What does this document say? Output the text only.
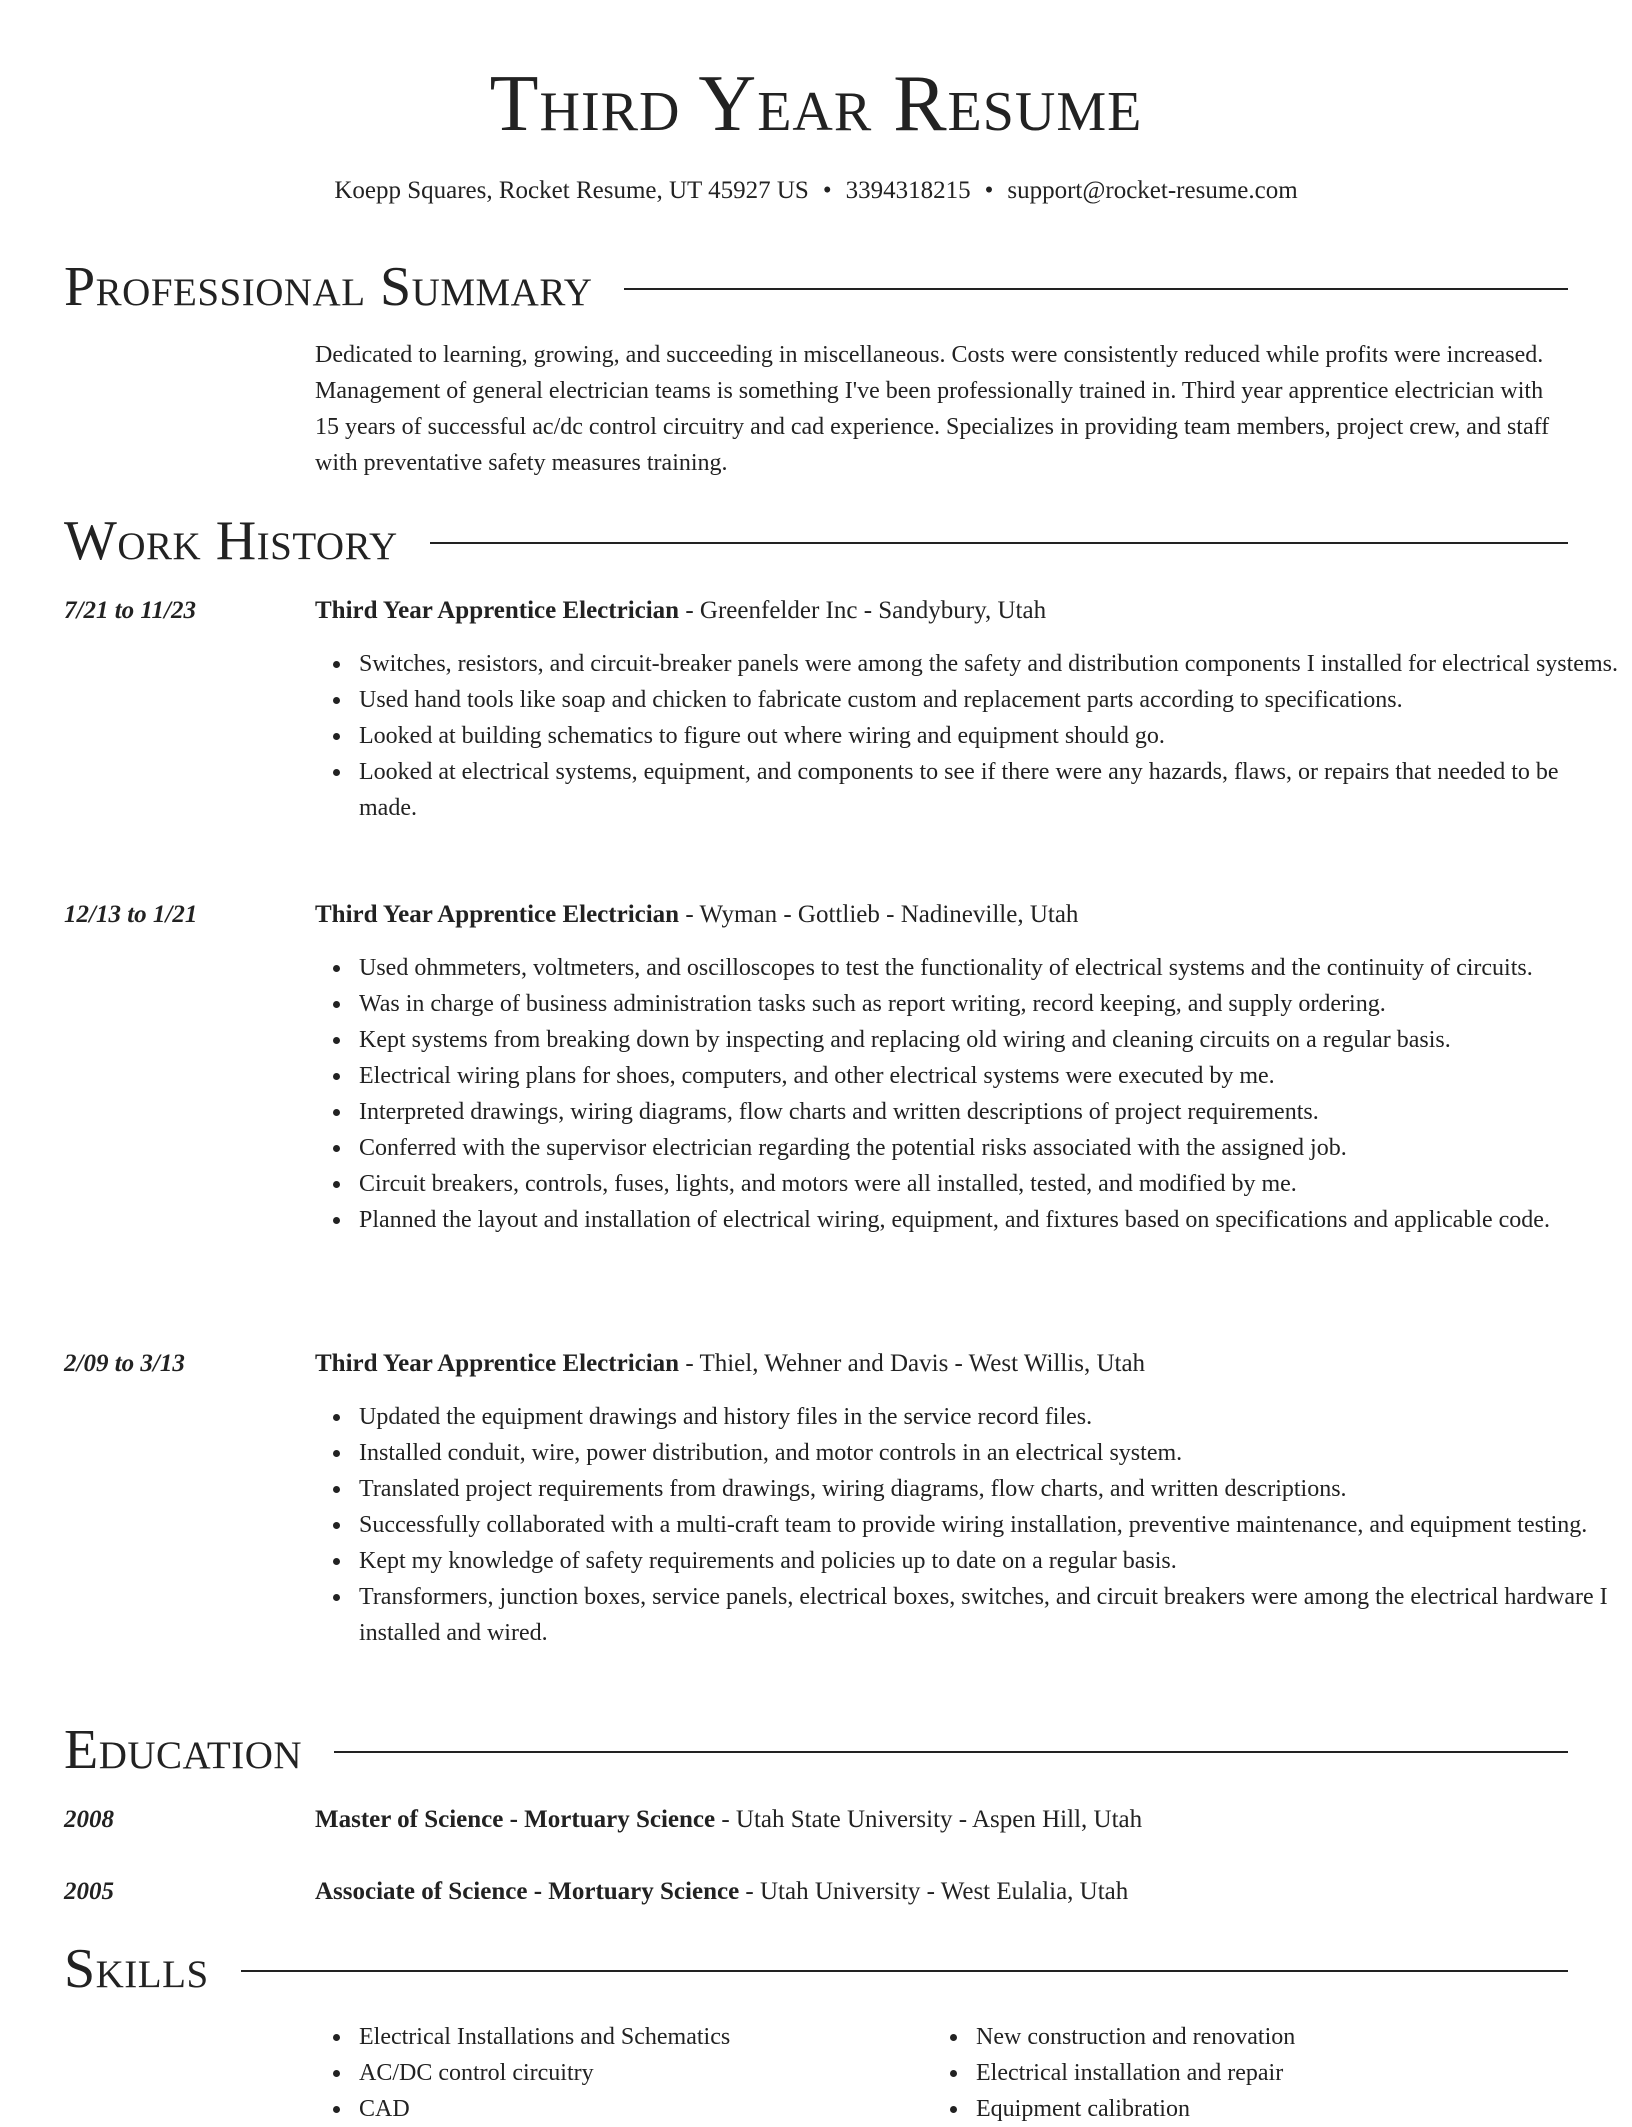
Third Year Resume
Koepp Squares, Rocket Resume, UT 45927 US • 3394318215 • support@rocket-resume.com
Professional Summary
Dedicated to learning, growing, and succeeding in miscellaneous. Costs were consistently reduced while profits were increased. Management of general electrician teams is something I've been professionally trained in. Third year apprentice electrician with 15 years of successful ac/dc control circuitry and cad experience. Specializes in providing team members, project crew, and staff with preventative safety measures training.
Work History
7/21 to 11/23	Third Year Apprentice Electrician - Greenfelder Inc - Sandybury, Utah
Switches, resistors, and circuit-breaker panels were among the safety and distribution components I installed for electrical systems.
Used hand tools like soap and chicken to fabricate custom and replacement parts according to specifications.
Looked at building schematics to figure out where wiring and equipment should go.
Looked at electrical systems, equipment, and components to see if there were any hazards, flaws, or repairs that needed to be made.
12/13 to 1/21	Third Year Apprentice Electrician - Wyman - Gottlieb - Nadineville, Utah
Used ohmmeters, voltmeters, and oscilloscopes to test the functionality of electrical systems and the continuity of circuits.
Was in charge of business administration tasks such as report writing, record keeping, and supply ordering.
Kept systems from breaking down by inspecting and replacing old wiring and cleaning circuits on a regular basis.
Electrical wiring plans for shoes, computers, and other electrical systems were executed by me.
Interpreted drawings, wiring diagrams, flow charts and written descriptions of project requirements.
Conferred with the supervisor electrician regarding the potential risks associated with the assigned job.
Circuit breakers, controls, fuses, lights, and motors were all installed, tested, and modified by me.
Planned the layout and installation of electrical wiring, equipment, and fixtures based on specifications and applicable code.
2/09 to 3/13	Third Year Apprentice Electrician - Thiel, Wehner and Davis - West Willis, Utah
Updated the equipment drawings and history files in the service record files.
Installed conduit, wire, power distribution, and motor controls in an electrical system.
Translated project requirements from drawings, wiring diagrams, flow charts, and written descriptions.
Successfully collaborated with a multi-craft team to provide wiring installation, preventive maintenance, and equipment testing.
Kept my knowledge of safety requirements and policies up to date on a regular basis.
Transformers, junction boxes, service panels, electrical boxes, switches, and circuit breakers were among the electrical hardware I installed and wired.
Education
2008	Master of Science - Mortuary Science - Utah State University - Aspen Hill, Utah
2005	Associate of Science - Mortuary Science - Utah University - West Eulalia, Utah
Skills
Electrical Installations and Schematics
AC/DC control circuitry
CAD
New construction and renovation
Electrical installation and repair
Equipment calibration
